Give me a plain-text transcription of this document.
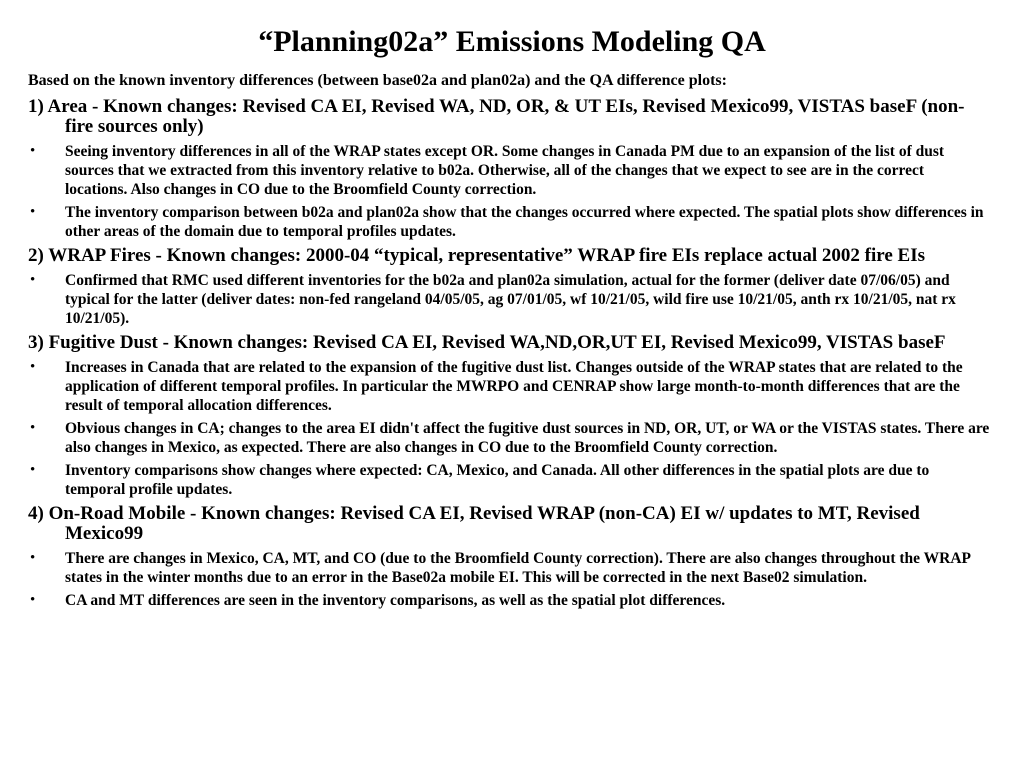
“Planning02a” Emissions Modeling QA

Based on the known inventory differences (between base02a and plan02a) and the QA difference plots:

1) Area - Known changes: Revised CA EI, Revised WA, ND, OR, & UT EIs, Revised Mexico99, VISTAS baseF (non-fire sources only)

• Seeing inventory differences in all of the WRAP states except OR. Some changes in Canada PM due to an expansion of the list of dust sources that we extracted from this inventory relative to b02a. Otherwise, all of the changes that we expect to see are in the correct locations. Also changes in CO due to the Broomfield County correction.
• The inventory comparison between b02a and plan02a show that the changes occurred where expected. The spatial plots show differences in other areas of the domain due to temporal profiles updates.

2) WRAP Fires - Known changes: 2000-04 “typical, representative” WRAP fire EIs replace actual 2002 fire EIs

• Confirmed that RMC used different inventories for the b02a and plan02a simulation, actual for the former (deliver date 07/06/05) and typical for the latter (deliver dates: non-fed rangeland 04/05/05, ag 07/01/05, wf 10/21/05, wild fire use 10/21/05, anth rx 10/21/05, nat rx 10/21/05).

3) Fugitive Dust - Known changes: Revised CA EI, Revised WA,ND,OR,UT EI, Revised Mexico99, VISTAS baseF

• Increases in Canada that are related to the expansion of the fugitive dust list. Changes outside of the WRAP states that are related to the application of different temporal profiles. In particular the MWRPO and CENRAP show large month-to-month differences that are the result of temporal allocation differences.
• Obvious changes in CA; changes to the area EI didn't affect the fugitive dust sources in ND, OR, UT, or WA or the VISTAS states. There are also changes in Mexico, as expected. There are also changes in CO due to the Broomfield County correction.
• Inventory comparisons show changes where expected: CA, Mexico, and Canada. All other differences in the spatial plots are due to temporal profile updates.

4) On-Road Mobile - Known changes: Revised CA EI, Revised WRAP (non-CA) EI w/ updates to MT, Revised Mexico99

• There are changes in Mexico, CA, MT, and CO (due to the Broomfield County correction). There are also changes throughout the WRAP states in the winter months due to an error in the Base02a mobile EI. This will be corrected in the next Base02 simulation.
• CA and MT differences are seen in the inventory comparisons, as well as the spatial plot differences.
